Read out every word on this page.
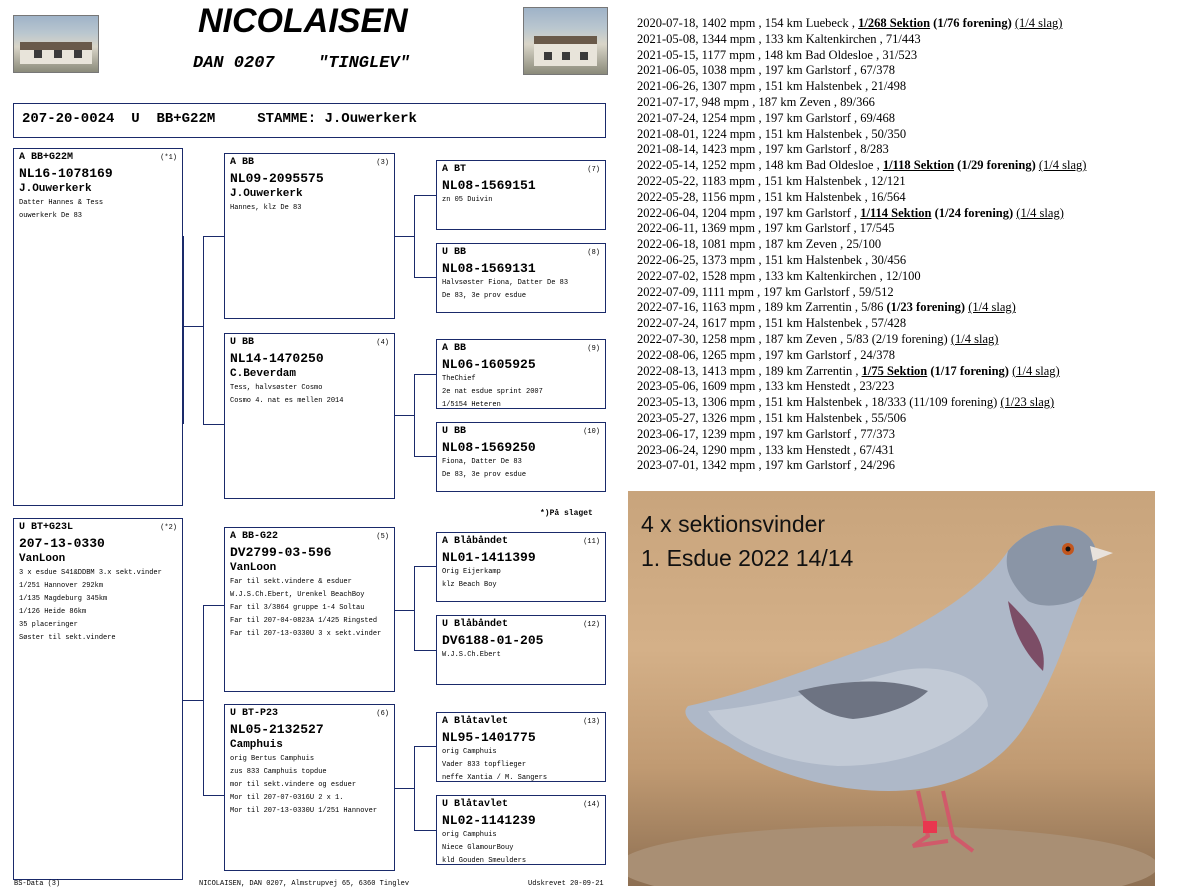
NICOLAISEN
DAN 0207	"TINGLEV"
207-20-0024 U BB+G22M	STAMME: J.Ouwerkerk
A BB+G22M	(*1)
NL16-1078169
J.Ouwerkerk
Datter Hannes & Tess
ouwerkerk De 83
U BT+G23L	(*2)
207-13-0330
VanLoon
3 x esdue S41&DDBM 3.x sekt.vinder
1/251 Hannover 292km
1/135 Magdeburg 345km
1/126 Heide 86km
35 placeringer
Søster til sekt.vindere
A BB	(3)
NL09-2095575
J.Ouwerkerk
Hannes, klz De 83
U BB	(4)
NL14-1470250
C.Beverdam
Tess, halvsøster Cosmo
Cosmo 4. nat es mellen 2014
A BB-G22	(5)
DV2799-03-596
VanLoon
Far til sekt.vindere & esduer
W.J.S.Ch.Ebert, Urenkel BeachBoy
Far til 3/3864 gruppe 1-4 Soltau
Far til 207-04-0823A 1/425 Ringsted
Far til 207-13-0330U 3 x sekt.vinder
U BT-P23	(6)
NL05-2132527
Camphuis
orig Bertus Camphuis
zus 833 Camphuis topdue
mor til sekt.vindere og esduer
Mor til 207-07-0316U 2 x 1.
Mor til 207-13-0330U 1/251 Hannover
A BT	(7)
NL08-1569151
zn 05 Duivin
U BB	(8)
NL08-1569131
Halvsøster Fiona, Datter De 83
De 83, 3e prov esdue
A BB	(9)
NL06-1605925
TheChief
2e nat esdue sprint 2007
1/5154 Heteren
U BB	(10)
NL08-1569250
Fiona, Datter De 83
De 83, 3e prov esdue
A Blåbåndet	(11)
NL01-1411399
Orig Eijerkamp
klz Beach Boy
U Blåbåndet	(12)
DV6188-01-205
W.J.S.Ch.Ebert
A Blåtavlet	(13)
NL95-1401775
orig Camphuis
Vader 833 topflieger
neffe Xantia / M. Sangers
U Blåtavlet	(14)
NL02-1141239
orig Camphuis
Niece GlamourBouy
kld Gouden Smeulders
*)På slaget
BS-Data (3)	NICOLAISEN, DAN 0207, Almstrupvej 65, 6360 Tinglev	Udskrevet 20-09-21
2020-07-18, 1402 mpm , 154 km Luebeck , 1/268 Sektion (1/76 forening) (1/4 slag)
2021-05-08, 1344 mpm , 133 km Kaltenkirchen , 71/443
2021-05-15, 1177 mpm , 148 km Bad Oldesloe , 31/523
2021-06-05, 1038 mpm , 197 km Garlstorf , 67/378
2021-06-26, 1307 mpm , 151 km Halstenbek , 21/498
2021-07-17, 948 mpm , 187 km Zeven , 89/366
2021-07-24, 1254 mpm , 197 km Garlstorf , 69/468
2021-08-01, 1224 mpm , 151 km Halstenbek , 50/350
2021-08-14, 1423 mpm , 197 km Garlstorf , 8/283
2022-05-14, 1252 mpm , 148 km Bad Oldesloe , 1/118 Sektion (1/29 forening) (1/4 slag)
2022-05-22, 1183 mpm , 151 km Halstenbek , 12/121
2022-05-28, 1156 mpm , 151 km Halstenbek , 16/564
2022-06-04, 1204 mpm , 197 km Garlstorf , 1/114 Sektion (1/24 forening) (1/4 slag)
2022-06-11, 1369 mpm , 197 km Garlstorf , 17/545
2022-06-18, 1081 mpm , 187 km Zeven , 25/100
2022-06-25, 1373 mpm , 151 km Halstenbek , 30/456
2022-07-02, 1528 mpm , 133 km Kaltenkirchen , 12/100
2022-07-09, 1111 mpm , 197 km Garlstorf , 59/512
2022-07-16, 1163 mpm , 189 km Zarrentin , 5/86 (1/23 forening) (1/4 slag)
2022-07-24, 1617 mpm , 151 km Halstenbek , 57/428
2022-07-30, 1258 mpm , 187 km Zeven , 5/83 (2/19 forening) (1/4 slag)
2022-08-06, 1265 mpm , 197 km Garlstorf , 24/378
2022-08-13, 1413 mpm , 189 km Zarrentin , 1/75 Sektion (1/17 forening) (1/4 slag)
2023-05-06, 1609 mpm , 133 km Henstedt , 23/223
2023-05-13, 1306 mpm , 151 km Halstenbek , 18/333 (11/109 forening) (1/23 slag)
2023-05-27, 1326 mpm , 151 km Halstenbek , 55/506
2023-06-17, 1239 mpm , 197 km Garlstorf , 77/373
2023-06-24, 1290 mpm , 133 km Henstedt , 67/431
2023-07-01, 1342 mpm , 197 km Garlstorf , 24/296
4 x sektionsvinder
1. Esdue 2022 14/14
